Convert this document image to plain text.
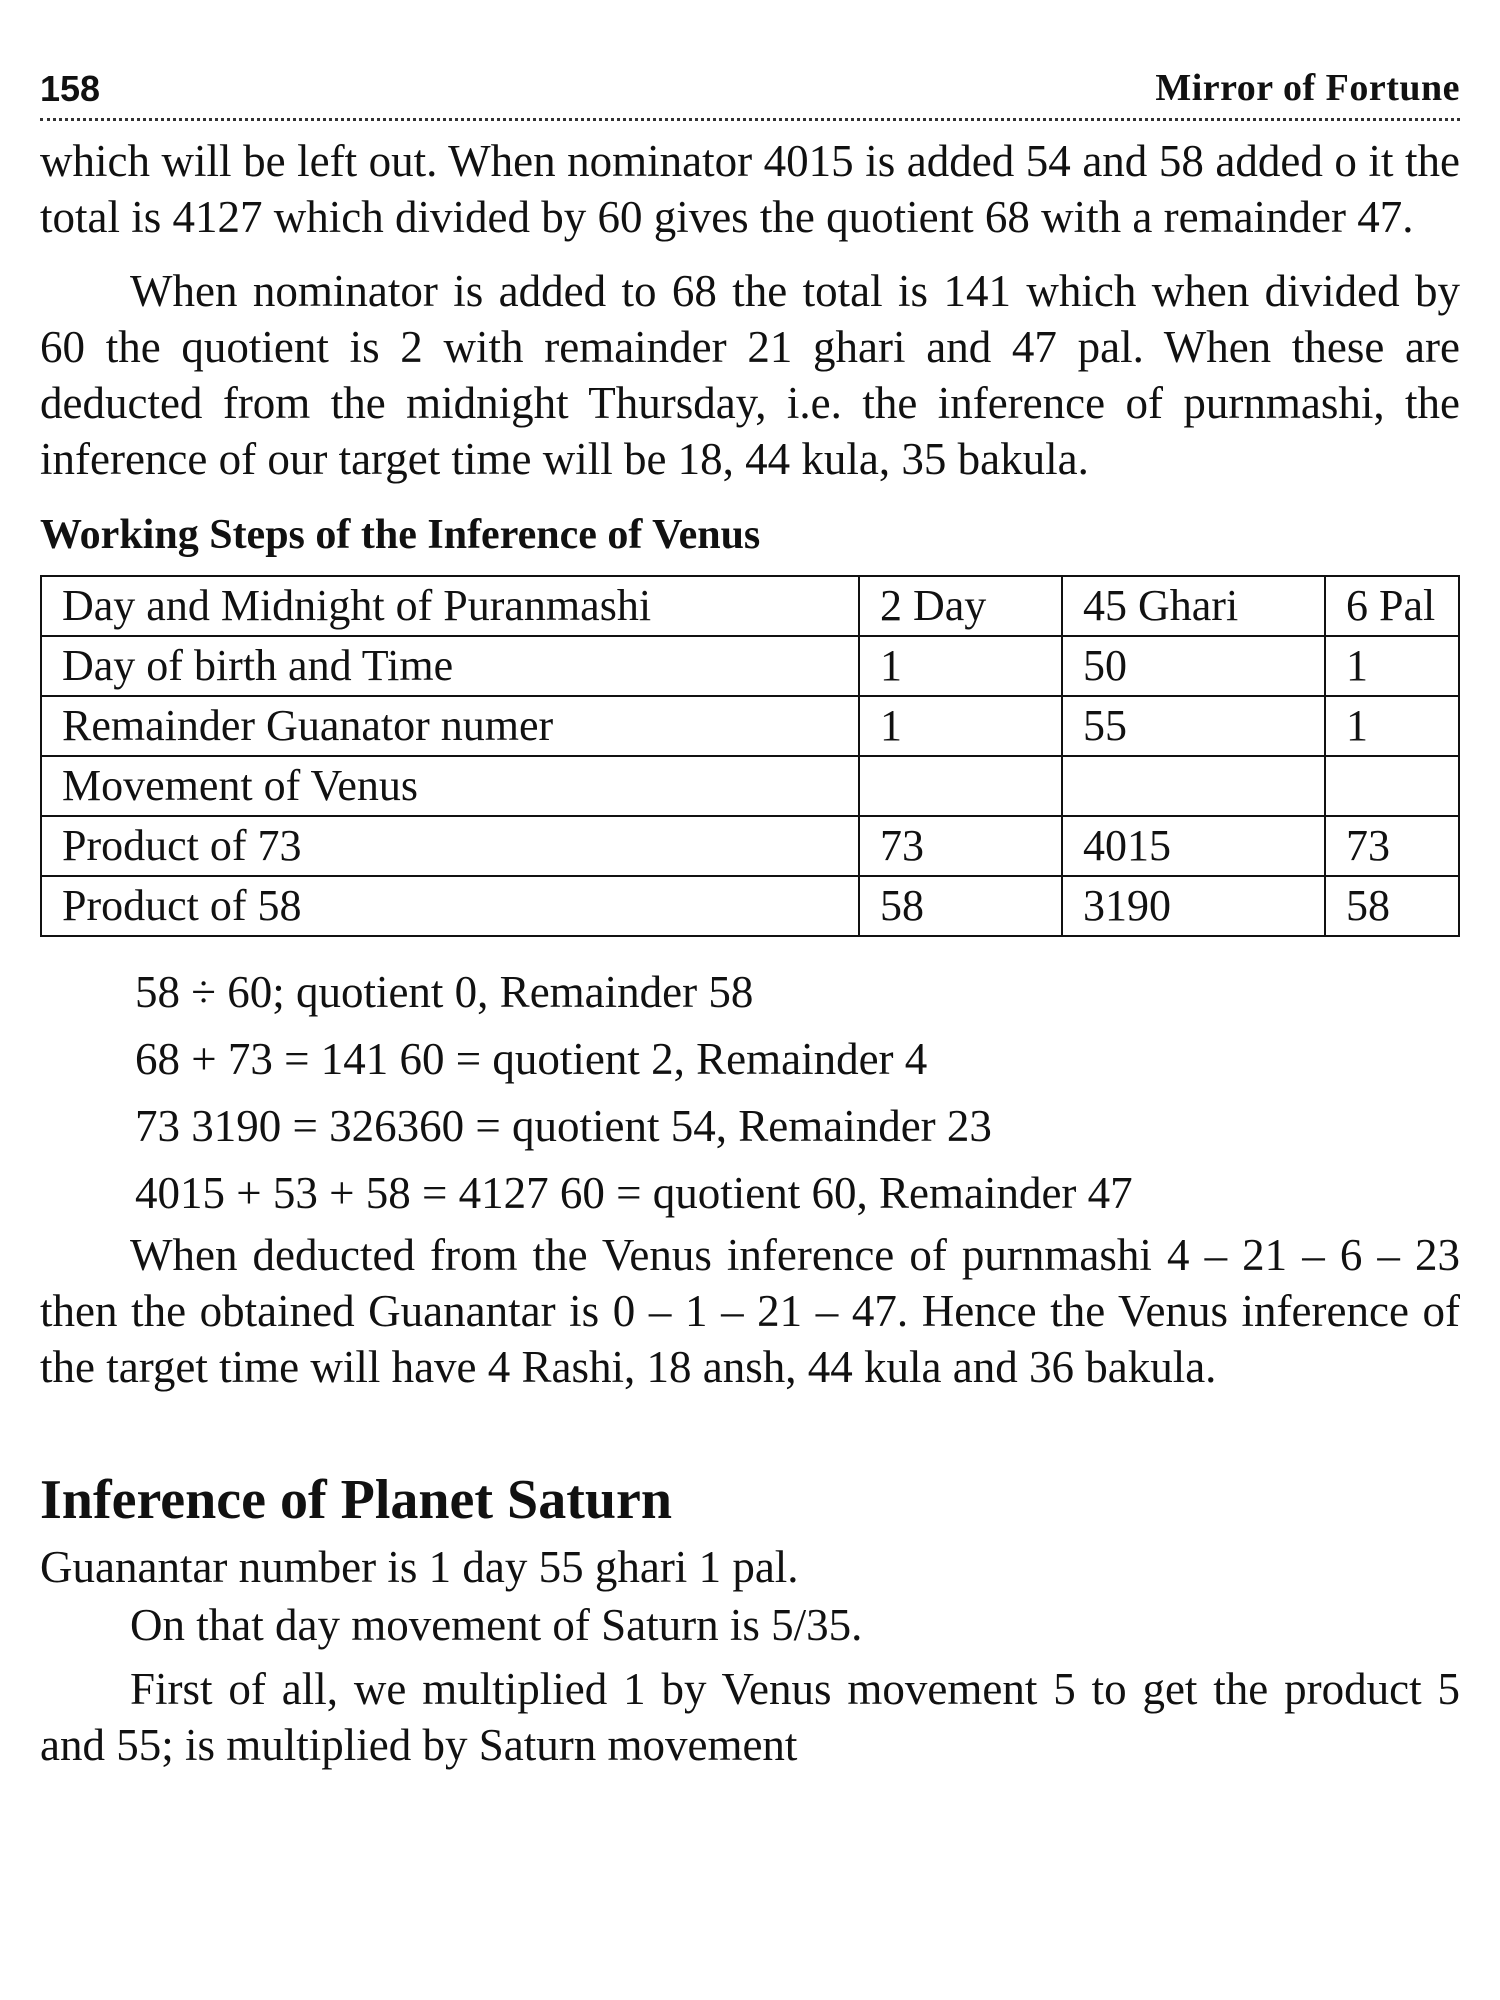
158	Mirror of Fortune

which will be left out. When nominator 4015 is added 54 and 58 added o it the total is 4127 which divided by 60 gives the quotient 68 with a remainder 47.

When nominator is added to 68 the total is 141 which when divided by 60 the quotient is 2 with remainder 21 ghari and 47 pal. When these are deducted from the midnight Thursday, i.e. the inference of purnmashi, the inference of our target time will be 18, 44 kula, 35 bakula.

Working Steps of the Inference of Venus
Day and Midnight of Puranmashi	2 Day	45 Ghari	6 Pal
Day of birth and Time	1	50	1
Remainder Guanator numer	1	55	1
Movement of Venus			
Product of 73	73	4015	73
Product of 58	58	3190	58
58 ÷ 60; quotient 0, Remainder 58
68 + 73 = 141 60 = quotient 2, Remainder 4
73 3190 = 326360 = quotient 54, Remainder 23
4015 + 53 + 58 = 4127 60 = quotient 60, Remainder 47

When deducted from the Venus inference of purnmashi 4 – 21 – 6 – 23 then the obtained Guanantar is 0 – 1 – 21 – 47. Hence the Venus inference of the target time will have 4 Rashi, 18 ansh, 44 kula and 36 bakula.

Inference of Planet Saturn

Guanantar number is 1 day 55 ghari 1 pal.

On that day movement of Saturn is 5/35.

First of all, we multiplied 1 by Venus movement 5 to get the product 5 and 55; is multiplied by Saturn movement
